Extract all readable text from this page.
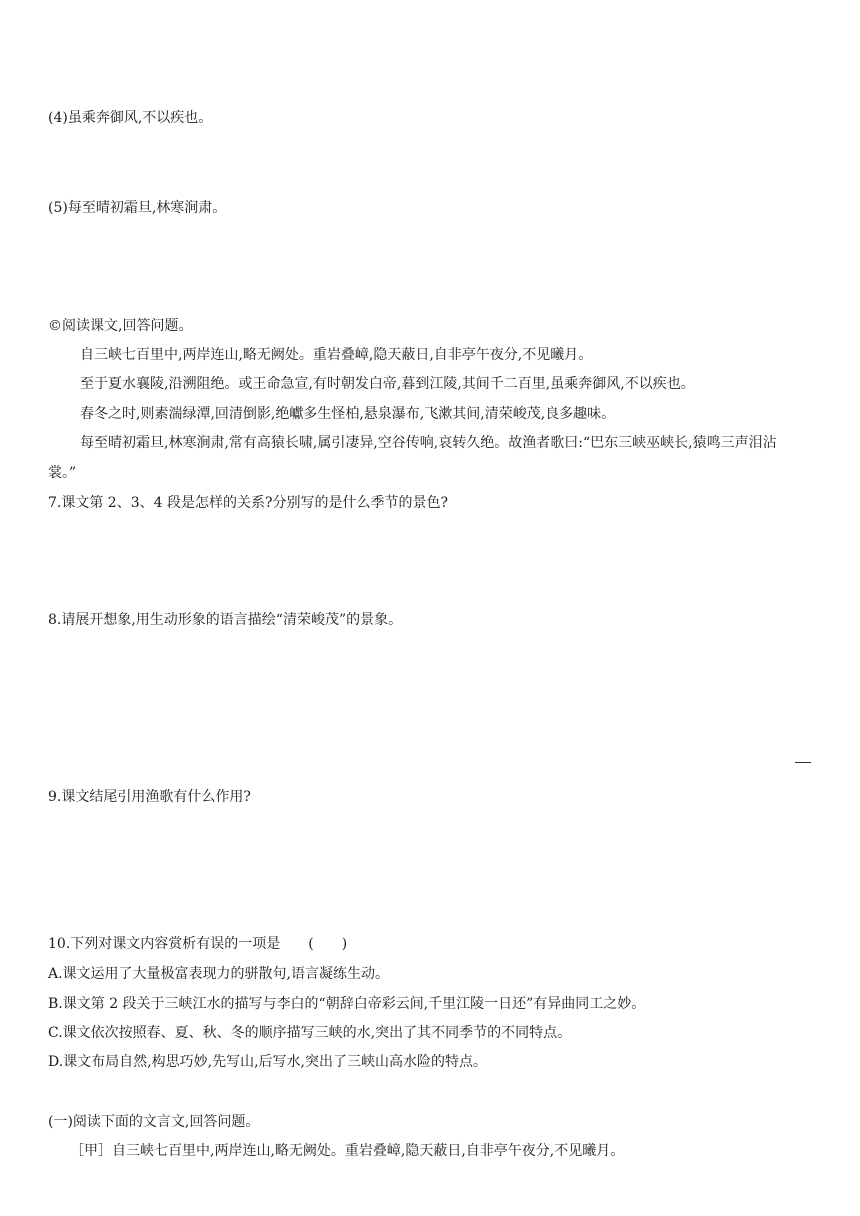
(4)虽乘奔御风,不以疾也。
(5)每至晴初霜旦,林寒涧肃。
©阅读课文,回答问题。
自三峡七百里中,两岸连山,略无阙处。重岩叠嶂,隐天蔽日,自非亭午夜分,不见曦月。
至于夏水襄陵,沿溯阻绝。或王命急宣,有时朝发白帝,暮到江陵,其间千二百里,虽乘奔御风,不以疾也。
春冬之时,则素湍绿潭,回清倒影,绝巘多生怪柏,悬泉瀑布,飞漱其间,清荣峻茂,良多趣味。
每至晴初霜旦,林寒涧肃,常有高猿长啸,属引凄异,空谷传响,哀转久绝。故渔者歌曰:“巴东三峡巫峡长,猿鸣三声泪沾裳。”
7.课文第 2、3、4 段是怎样的关系?分别写的是什么季节的景色?
8.请展开想象,用生动形象的语言描绘“清荣峻茂”的景象。
9.课文结尾引用渔歌有什么作用?
10.下列对课文内容赏析有误的一项是　　(　　)
A.课文运用了大量极富表现力的骈散句,语言凝练生动。
B.课文第 2 段关于三峡江水的描写与李白的“朝辞白帝彩云间,千里江陵一日还”有异曲同工之妙。
C.课文依次按照春、夏、秋、冬的顺序描写三峡的水,突出了其不同季节的不同特点。
D.课文布局自然,构思巧妙,先写山,后写水,突出了三峡山高水险的特点。
(一)阅读下面的文言文,回答问题。
［甲］自三峡七百里中,两岸连山,略无阙处。重岩叠嶂,隐天蔽日,自非亭午夜分,不见曦月。
